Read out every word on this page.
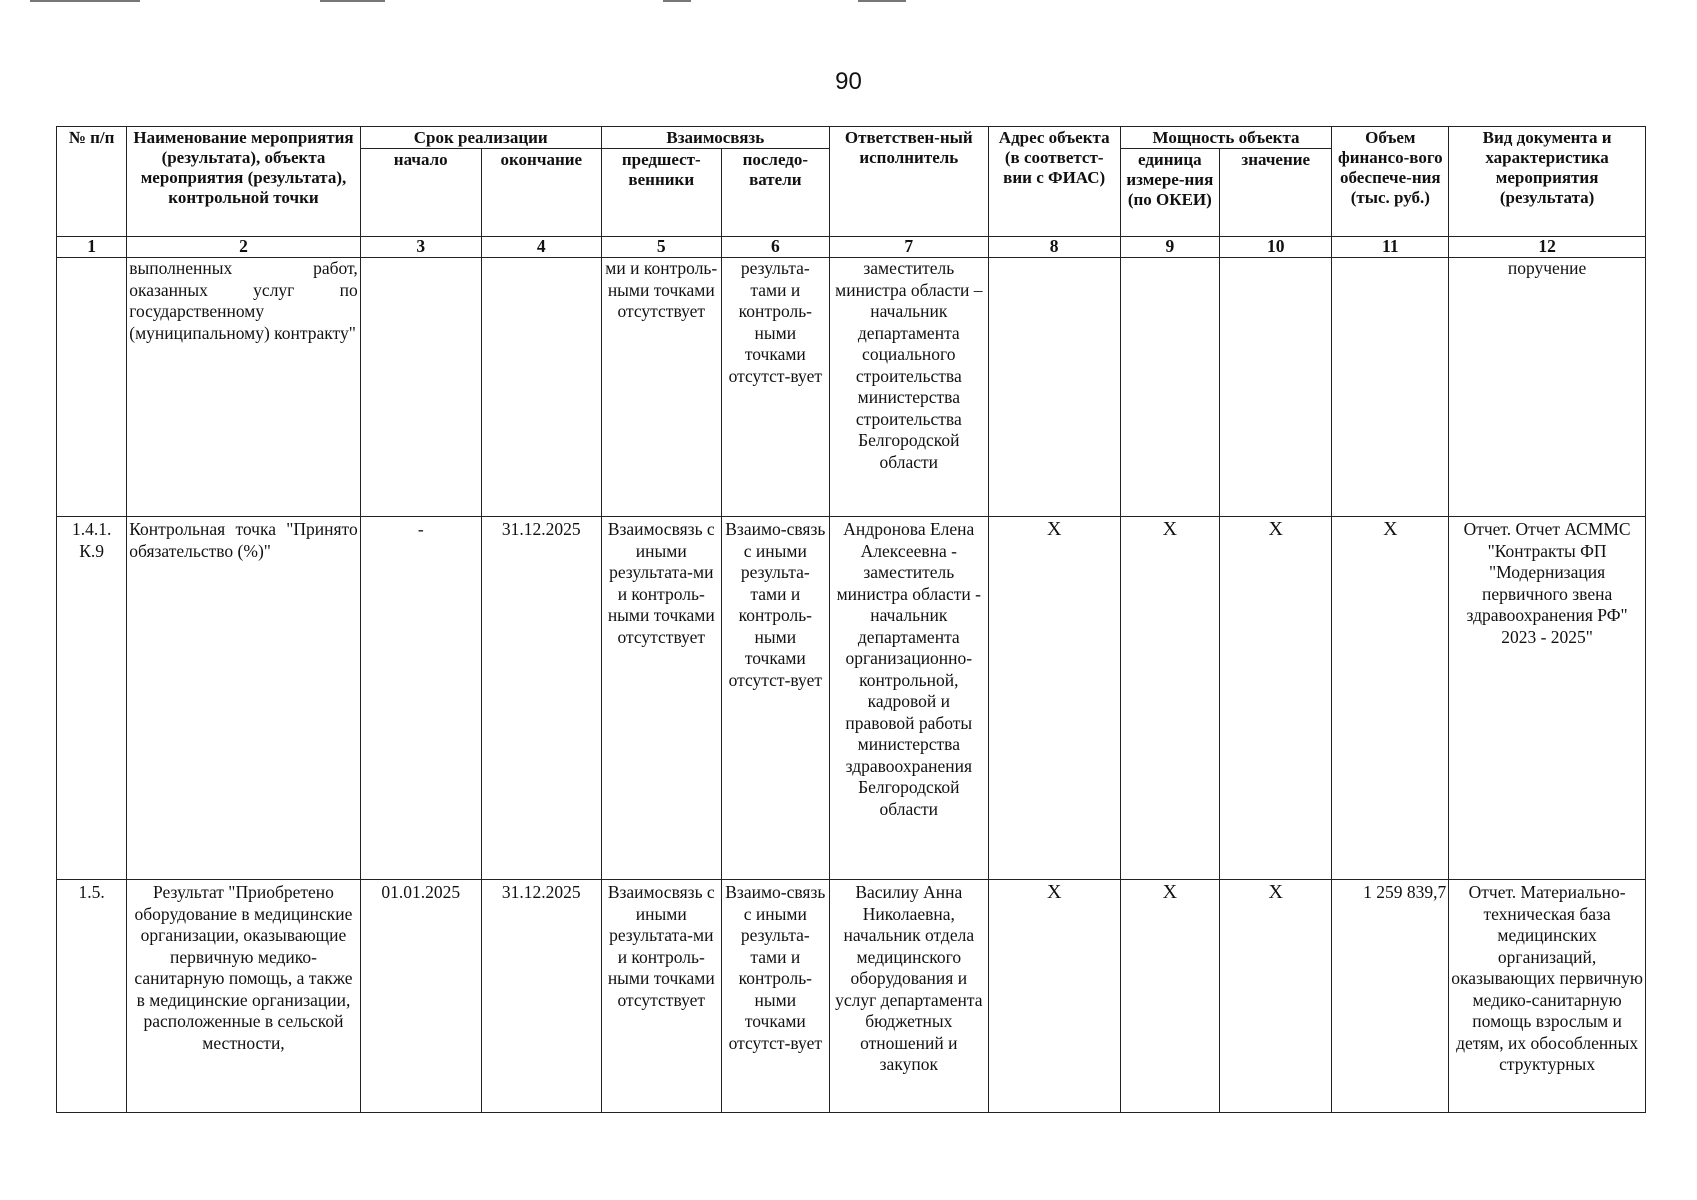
90
№ п/п	Наименование мероприятия (результата), объекта мероприятия (результата), контрольной точки	Срок реализации		Взаимосвязь		Ответствен-ный исполнитель	Адрес объекта (в соответст-вии с ФИАС)	Мощность объекта		Объем финансо-вого обеспече-ния (тыс. руб.)	Вид документа и характеристика мероприятия (результата)
		начало	окончание	предшест-венники	последо-ватели			единица измере-ния (по ОКЕИ)	значение		
1	2	3	4	5	6	7	8	9	10	11	12
	выполненных работ, оказанных услуг по государственному (муниципальному) контракту"			ми и контроль-ными точками отсутствует	результа-тами и контроль-ными точками отсутст-вует	заместитель министра области – начальник департамента социального строительства министерства строительства Белгородской области					поручение
1.4.1. К.9	Контрольная точка "Принято обязательство (%)"	-	31.12.2025	Взаимосвязь с иными результата-ми и контроль-ными точками отсутствует	Взаимо-связь с иными результа-тами и контроль-ными точками отсутст-вует	Андронова Елена Алексеевна - заместитель министра области - начальник департамента организационно-контрольной, кадровой и правовой работы министерства здравоохранения Белгородской области	X	X	X	X	Отчет. Отчет АСММС "Контракты ФП "Модернизация первичного звена здравоохранения РФ" 2023 - 2025"
1.5.	Результат "Приобретено оборудование в медицинские организации, оказывающие первичную медико-санитарную помощь, а также в медицинские организации, расположенные в сельской местности,	01.01.2025	31.12.2025	Взаимосвязь с иными результата-ми и контроль-ными точками отсутствует	Взаимо-связь с иными результа-тами и контроль-ными точками отсутст-вует	Василиу Анна Николаевна, начальник отдела медицинского оборудования и услуг департамента бюджетных отношений и закупок	X	X	X	1 259 839,7	Отчет. Материально-техническая база медицинских организаций, оказывающих первичную медико-санитарную помощь взрослым и детям, их обособленных структурных
